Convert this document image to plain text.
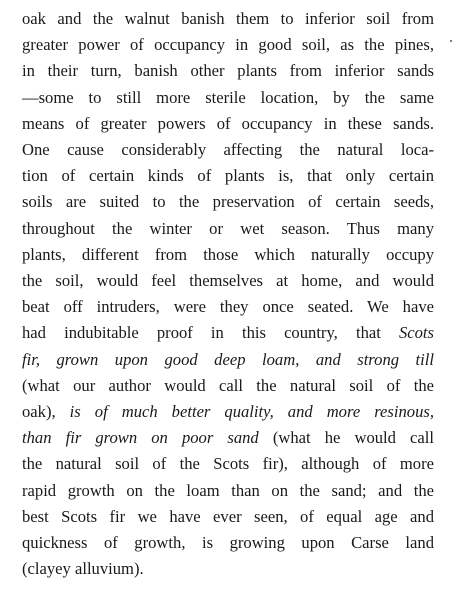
oak and the walnut banish them to inferior soil from
greater power of occupancy in good soil, as the pines,
in their turn, banish other plants from inferior sands
—some to still more sterile location, by the same
means of greater powers of occupancy in these sands.
One cause considerably affecting the natural loca-
tion of certain kinds of plants is, that only certain
soils are suited to the preservation of certain seeds,
throughout the winter or wet season. Thus many
plants, different from those which naturally occupy
the soil, would feel themselves at home, and would
beat off intruders, were they once seated. We have
had indubitable proof in this country, that Scots
fir, grown upon good deep loam, and strong till
(what our author would call the natural soil of the
oak), is of much better quality, and more resinous,
than fir grown on poor sand (what he would call
the natural soil of the Scots fir), although of more
rapid growth on the loam than on the sand; and the
best Scots fir we have ever seen, of equal age and
quickness of growth, is growing upon Carse land
(clayey alluvium).
